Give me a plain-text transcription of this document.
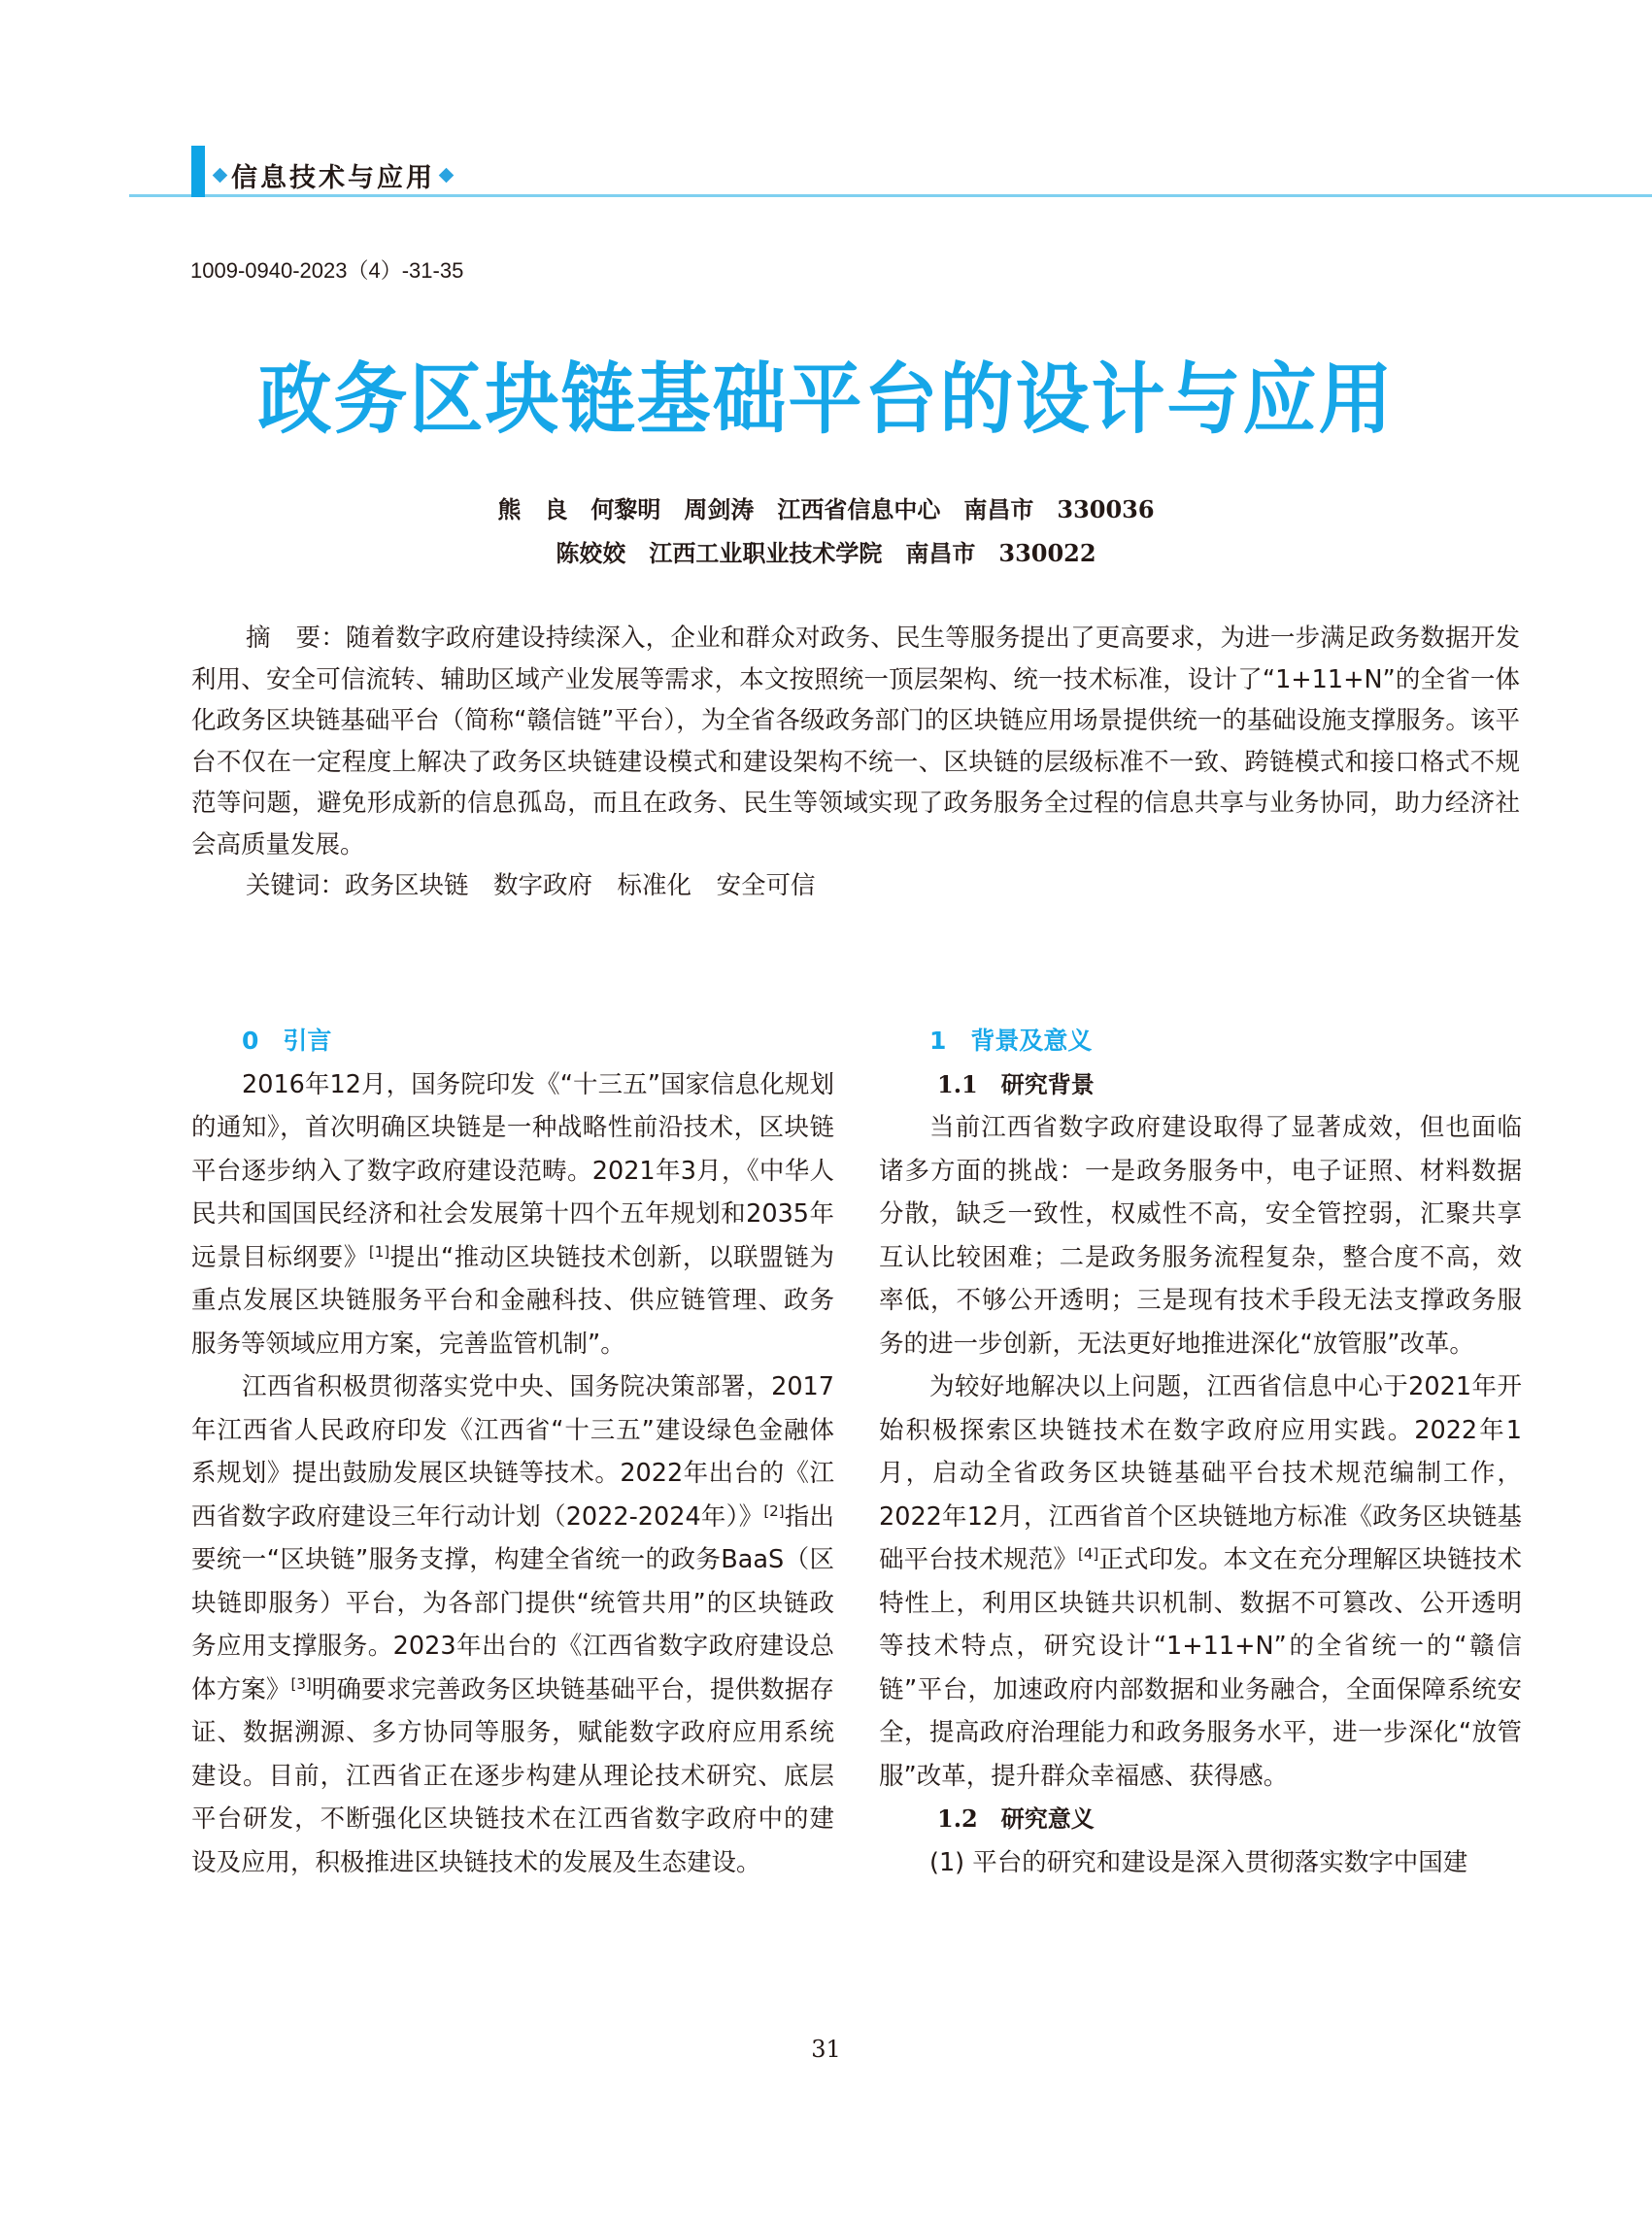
信息技术与应用
1009-0940-2023（4）-31-35
政务区块链基础平台的设计与应用
熊　良　何黎明　周剑涛　江西省信息中心　南昌市　330036
陈姣姣　江西工业职业技术学院　南昌市　330022

摘　要：随着数字政府建设持续深入，企业和群众对政务、民生等服务提出了更高要求，为进一步满足政务数据开发利用、安全可信流转、辅助区域产业发展等需求，本文按照统一顶层架构、统一技术标准，设计了“1+11+N”的全省一体化政务区块链基础平台（简称“赣信链”平台），为全省各级政务部门的区块链应用场景提供统一的基础设施支撑服务。该平台不仅在一定程度上解决了政务区块链建设模式和建设架构不统一、区块链的层级标准不一致、跨链模式和接口格式不规范等问题，避免形成新的信息孤岛，而且在政务、民生等领域实现了政务服务全过程的信息共享与业务协同，助力经济社会高质量发展。

关键词：政务区块链　数字政府　标准化　安全可信

0　引言

2016年12月，国务院印发《“十三五”国家信息化规划的通知》，首次明确区块链是一种战略性前沿技术，区块链平台逐步纳入了数字政府建设范畴。2021年3月，《中华人民共和国国民经济和社会发展第十四个五年规划和2035年远景目标纲要》[1]提出“推动区块链技术创新，以联盟链为重点发展区块链服务平台和金融科技、供应链管理、政务服务等领域应用方案，完善监管机制”。

江西省积极贯彻落实党中央、国务院决策部署，2017年江西省人民政府印发《江西省“十三五”建设绿色金融体系规划》提出鼓励发展区块链等技术。2022年出台的《江西省数字政府建设三年行动计划（2022-2024年）》[2]指出要统一“区块链”服务支撑，构建全省统一的政务BaaS（区块链即服务）平台，为各部门提供“统管共用”的区块链政务应用支撑服务。2023年出台的《江西省数字政府建设总体方案》[3]明确要求完善政务区块链基础平台，提供数据存证、数据溯源、多方协同等服务，赋能数字政府应用系统建设。目前，江西省正在逐步构建从理论技术研究、底层平台研发，不断强化区块链技术在江西省数字政府中的建设及应用，积极推进区块链技术的发展及生态建设。

1　背景及意义
1.1　研究背景

当前江西省数字政府建设取得了显著成效，但也面临诸多方面的挑战：一是政务服务中，电子证照、材料数据分散，缺乏一致性，权威性不高，安全管控弱，汇聚共享互认比较困难；二是政务服务流程复杂，整合度不高，效率低，不够公开透明；三是现有技术手段无法支撑政务服务的进一步创新，无法更好地推进深化“放管服”改革。

为较好地解决以上问题，江西省信息中心于2021年开始积极探索区块链技术在数字政府应用实践。2022年1月，启动全省政务区块链基础平台技术规范编制工作，2022年12月，江西省首个区块链地方标准《政务区块链基础平台技术规范》[4]正式印发。本文在充分理解区块链技术特性上，利用区块链共识机制、数据不可篡改、公开透明等技术特点，研究设计“1+11+N”的全省统一的“赣信链”平台，加速政府内部数据和业务融合，全面保障系统安全，提高政府治理能力和政务服务水平，进一步深化“放管服”改革，提升群众幸福感、获得感。

1.2　研究意义

(1) 平台的研究和建设是深入贯彻落实数字中国建

31
